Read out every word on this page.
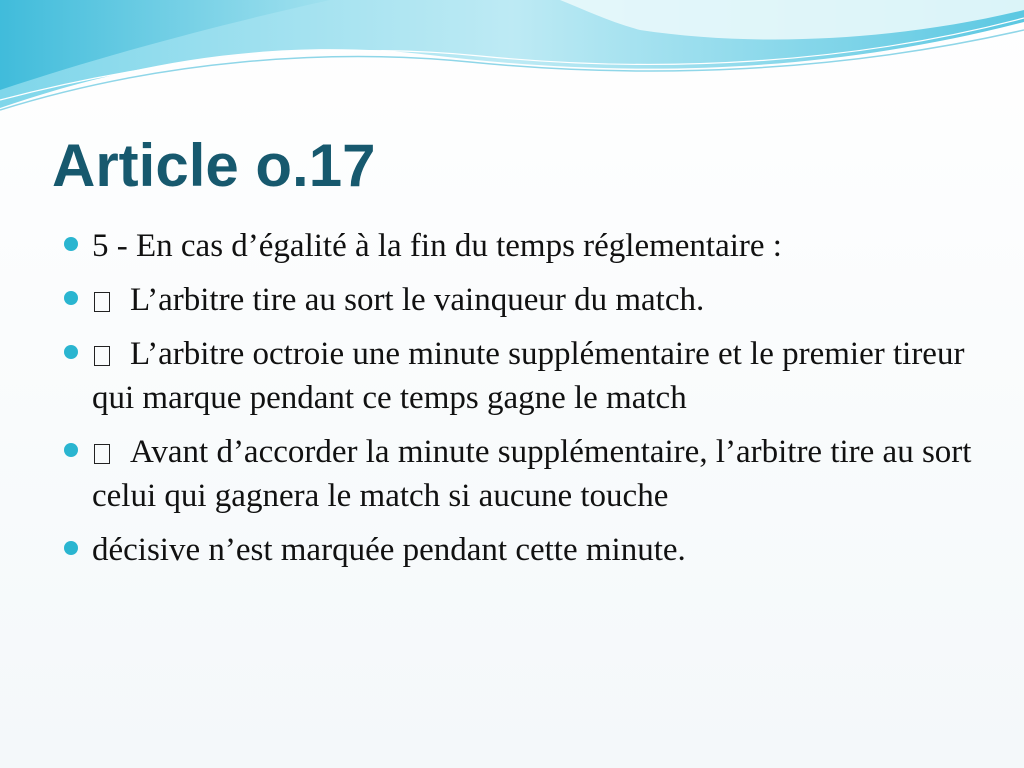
Article o.17
5 - En cas d’égalité à la fin du temps réglementaire :
L’arbitre tire au sort le vainqueur du match.
L’arbitre octroie une minute supplémentaire et le premier tireur qui marque pendant ce temps gagne le match
Avant d’accorder la minute supplémentaire, l’arbitre tire au sort celui qui gagnera le match si aucune touche
décisive n’est marquée pendant cette minute.
